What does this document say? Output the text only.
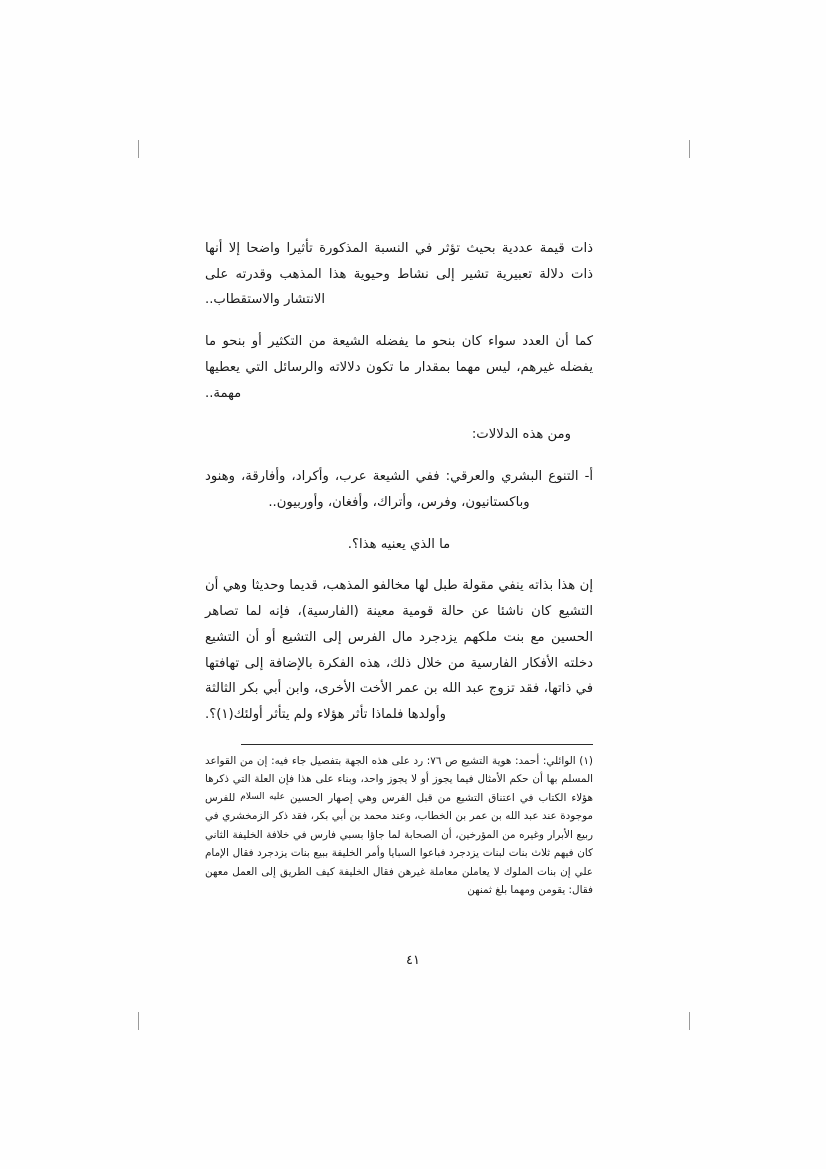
ذات قيمة عددية بحيث تؤثر في النسبة المذكورة تأثيرا واضحا إلا أنها ذات دلالة تعبيرية تشير إلى نشاط وحيوية هذا المذهب وقدرته على الانتشار والاستقطاب..

كما أن العدد سواء كان بنحو ما يفضله الشيعة من التكثير أو بنحو ما يفضله غيرهم، ليس مهما بمقدار ما تكون دلالاته والرسائل التي يعطيها مهمة..

ومن هذه الدلالات:

أ- التنوع البشري والعرقي: ففي الشيعة عرب، وأكراد، وأفارقة، وهنود وباكستانيون، وفرس، وأتراك، وأفغان، وأوربيون..

ما الذي يعنيه هذا؟.

إن هذا بذاته ينفي مقولة طبل لها مخالفو المذهب، قديما وحديثا وهي أن التشيع كان ناشئا عن حالة قومية معينة (الفارسية)، فإنه لما تصاهر الحسين مع بنت ملكهم يزدجرد مال الفرس إلى التشيع أو أن التشيع دخلته الأفكار الفارسية من خلال ذلك، هذه الفكرة بالإضافة إلى تهافتها في ذاتها، فقد تزوج عبد الله بن عمر الأخت الأخرى، وابن أبي بكر الثالثة وأولدها فلماذا تأثر هؤلاء ولم يتأثر أولئك(١)؟.

(١) الوائلي: أحمد: هوية التشيع ص ٧٦: رد على هذه الجهة بتفصيل جاء فيه: إن من القواعد المسلم بها أن حكم الأمثال فيما يجوز أو لا يجوز واحد، وبناء على هذا فإن العلة التي ذكرها هؤلاء الكتاب في اعتناق التشيع من قبل الفرس وهي إصهار الحسين عليه السلام للفرس موجودة عند عبد الله بن عمر بن الخطاب، وعند محمد بن أبي بكر، فقد ذكر الزمخشري في ربيع الأبرار وغيره من المؤرخين، أن الصحابة لما جاؤا بسبي فارس في خلافة الخليفة الثاني كان فيهم ثلاث بنات لبنات يزدجرد فباعوا السبايا وأمر الخليفة ببيع بنات يزدجرد فقال الإمام علي إن بنات الملوك لا يعاملن معاملة غيرهن فقال الخليفة كيف الطريق إلى العمل معهن فقال: يقومن ومهما بلغ ثمنهن
٤١
